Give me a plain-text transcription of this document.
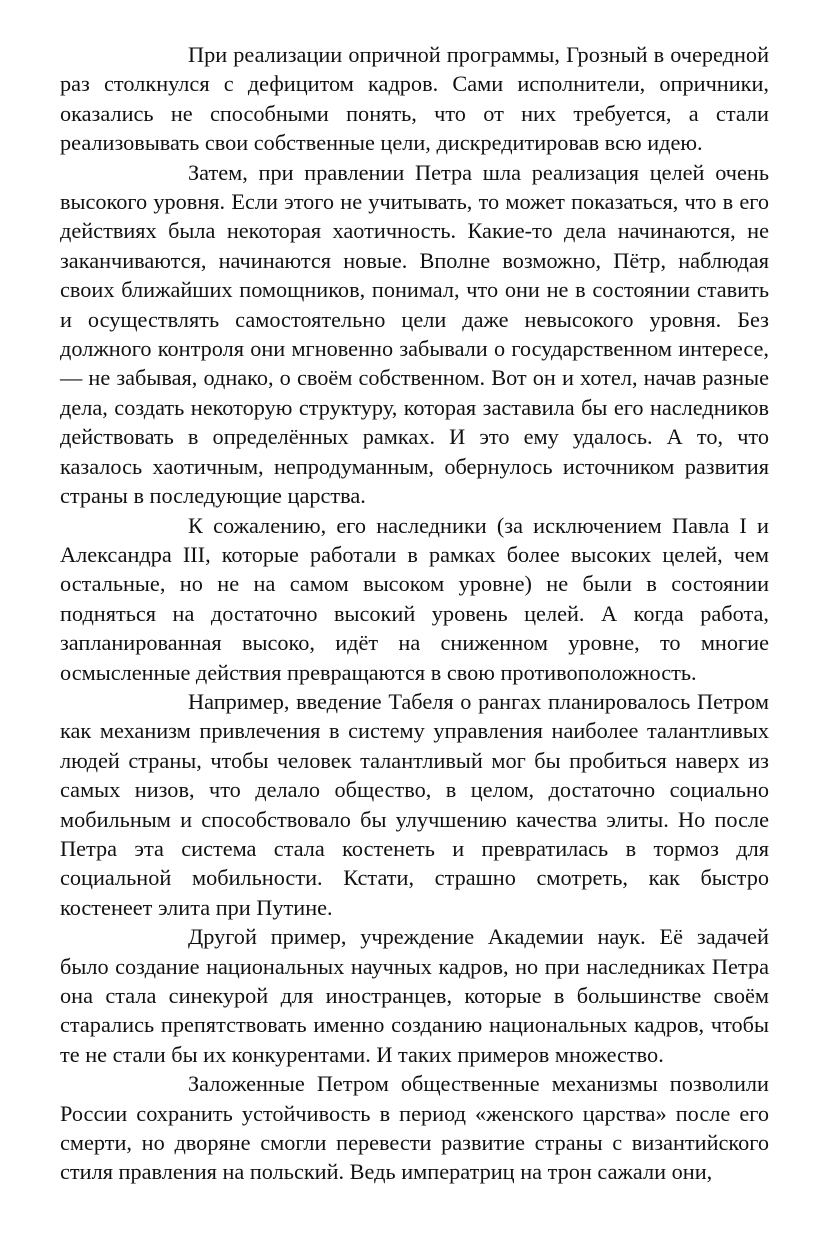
При реализации опричной программы, Грозный в очередной раз столкнулся с дефицитом кадров. Сами исполнители, опричники, оказались не способными понять, что от них требуется, а стали реализовывать свои собственные цели, дискредитировав всю идею.

Затем, при правлении Петра шла реализация целей очень высокого уровня. Если этого не учитывать, то может показаться, что в его действиях была некоторая хаотичность. Какие-то дела начинаются, не заканчиваются, начинаются новые. Вполне возможно, Пётр, наблюдая своих ближайших помощников, понимал, что они не в состоянии ставить и осуществлять самостоятельно цели даже невысокого уровня. Без должного контроля они мгновенно забывали о государственном интересе, — не забывая, однако, о своём собственном. Вот он и хотел, начав разные дела, создать некоторую структуру, которая заставила бы его наследников действовать в определённых рамках. И это ему удалось. А то, что казалось хаотичным, непродуманным, обернулось источником развития страны в последующие царства.

К сожалению, его наследники (за исключением Павла I и Александра III, которые работали в рамках более высоких целей, чем остальные, но не на самом высоком уровне) не были в состоянии подняться на достаточно высокий уровень целей. А когда работа, запланированная высоко, идёт на сниженном уровне, то многие осмысленные действия превращаются в свою противоположность.

Например, введение Табеля о рангах планировалось Петром как механизм привлечения в систему управления наиболее талантливых людей страны, чтобы человек талантливый мог бы пробиться наверх из самых низов, что делало общество, в целом, достаточно социально мобильным и способствовало бы улучшению качества элиты. Но после Петра эта система стала костенеть и превратилась в тормоз для социальной мобильности. Кстати, страшно смотреть, как быстро костенеет элита при Путине.

Другой пример, учреждение Академии наук. Её задачей было создание национальных научных кадров, но при наследниках Петра она стала синекурой для иностранцев, которые в большинстве своём старались препятствовать именно созданию национальных кадров, чтобы те не стали бы их конкурентами. И таких примеров множество.

Заложенные Петром общественные механизмы позволили России сохранить устойчивость в период «женского царства» после его смерти, но дворяне смогли перевести развитие страны с византийского стиля правления на польский. Ведь императриц на трон сажали они,
